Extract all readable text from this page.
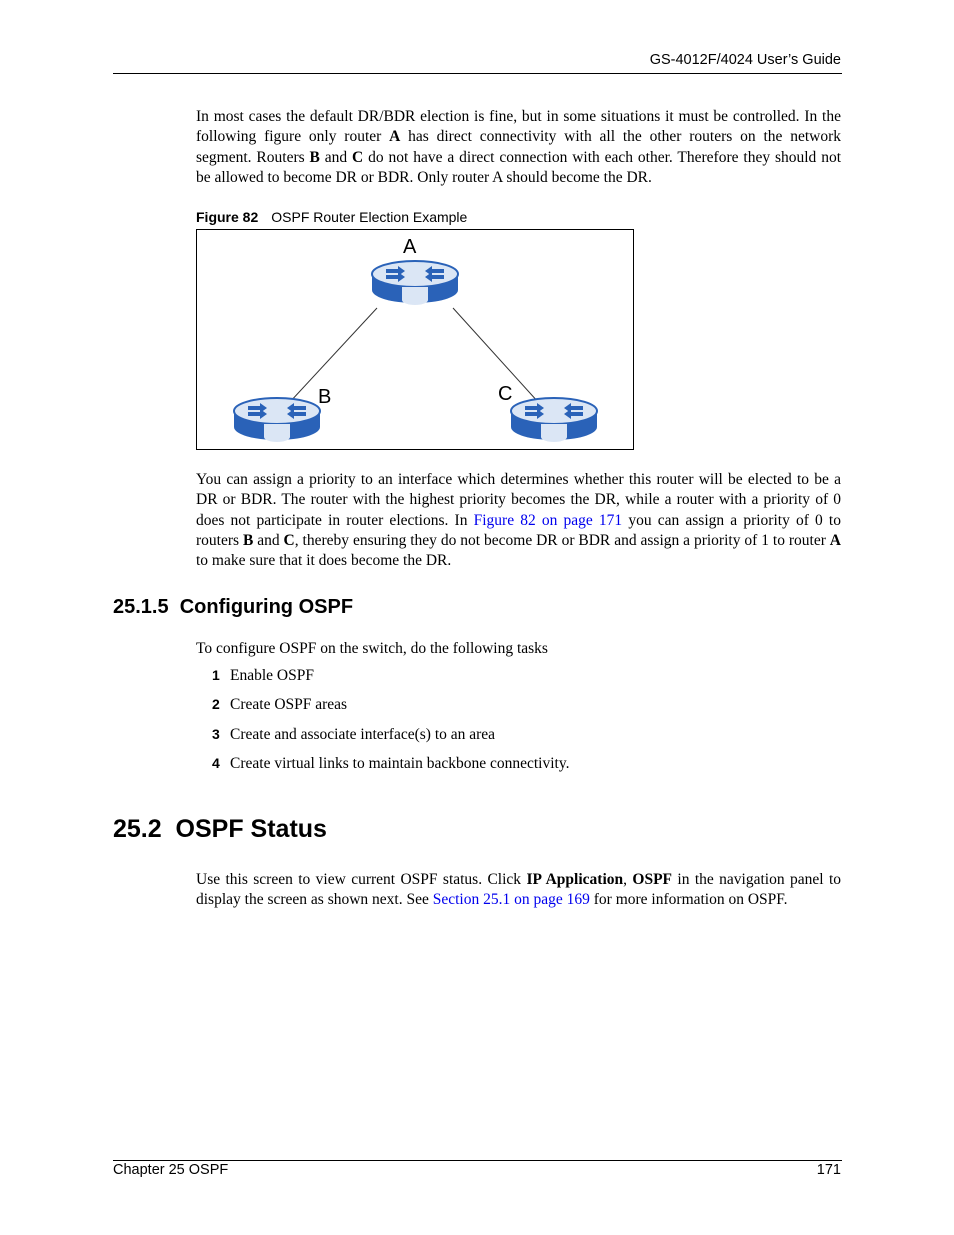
GS-4012F/4024 User’s Guide
In most cases the default DR/BDR election is fine, but in some situations it must be controlled. In the following figure only router A has direct connectivity with all the other routers on the network segment. Routers B and C do not have a direct connection with each other. Therefore they should not be allowed to become DR or BDR. Only router A should become the DR.
Figure 82 OSPF Router Election Example
A
B	C
You can assign a priority to an interface which determines whether this router will be elected to be a DR or BDR. The router with the highest priority becomes the DR, while a router with a priority of 0 does not participate in router elections. In Figure 82 on page 171 you can assign a priority of 0 to routers B and C, thereby ensuring they do not become DR or BDR and assign a priority of 1 to router A to make sure that it does become the DR.
25.1.5  Configuring OSPF
To configure OSPF on the switch, do the following tasks
1 Enable OSPF
2 Create OSPF areas
3 Create and associate interface(s) to an area
4 Create virtual links to maintain backbone connectivity.
25.2  OSPF Status
Use this screen to view current OSPF status. Click IP Application, OSPF in the navigation panel to display the screen as shown next. See Section 25.1 on page 169 for more information on OSPF.
Chapter 25 OSPF	171
